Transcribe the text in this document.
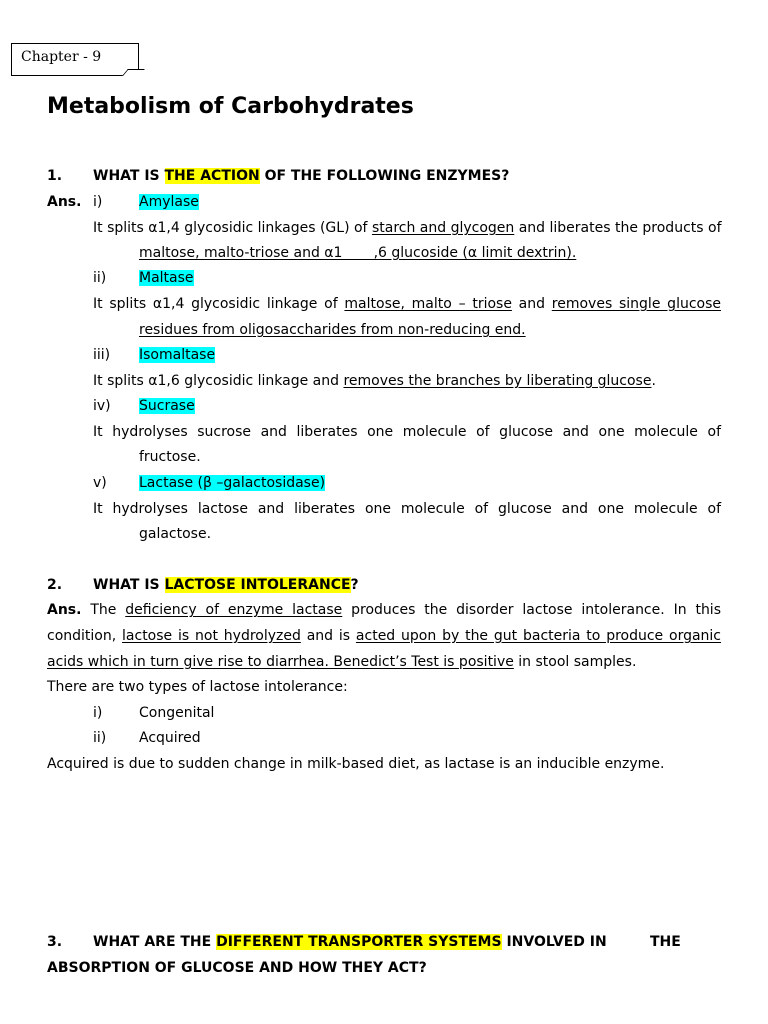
Chapter - 9
Metabolism of Carbohydrates
1. WHAT IS THE ACTION OF THE FOLLOWING ENZYMES?
Ans. i)	Amylase
It splits α1,4 glycosidic linkages (GL) of starch and glycogen and liberates the products of
maltose, malto-triose and α1       ,6 glucoside (α limit dextrin).
ii) Maltase
It splits α1,4 glycosidic linkage of maltose, malto – triose and removes single glucose
residues from oligosaccharides from non-reducing end.
iii) Isomaltase
It splits α1,6 glycosidic linkage and removes the branches by liberating glucose.
iv) Sucrase
It hydrolyses sucrose and liberates one molecule of glucose and one molecule of
fructose.
v) Lactase (β –galactosidase)
It hydrolyses lactose and liberates one molecule of glucose and one molecule of
galactose.
2. WHAT IS LACTOSE INTOLERANCE?
Ans. The deficiency of enzyme lactase produces the disorder lactose intolerance. In this
condition, lactose is not hydrolyzed and is acted upon by the gut bacteria to produce organic
acids which in turn give rise to diarrhea. Benedict’s Test is positive in stool samples.
There are two types of lactose intolerance:
i)	Congenital
ii) Acquired
Acquired is due to sudden change in milk-based diet, as lactase is an inducible enzyme.
3. WHAT ARE THE DIFFERENT TRANSPORTER SYSTEMS INVOLVED IN	THE
ABSORPTION OF GLUCOSE AND HOW THEY ACT?
